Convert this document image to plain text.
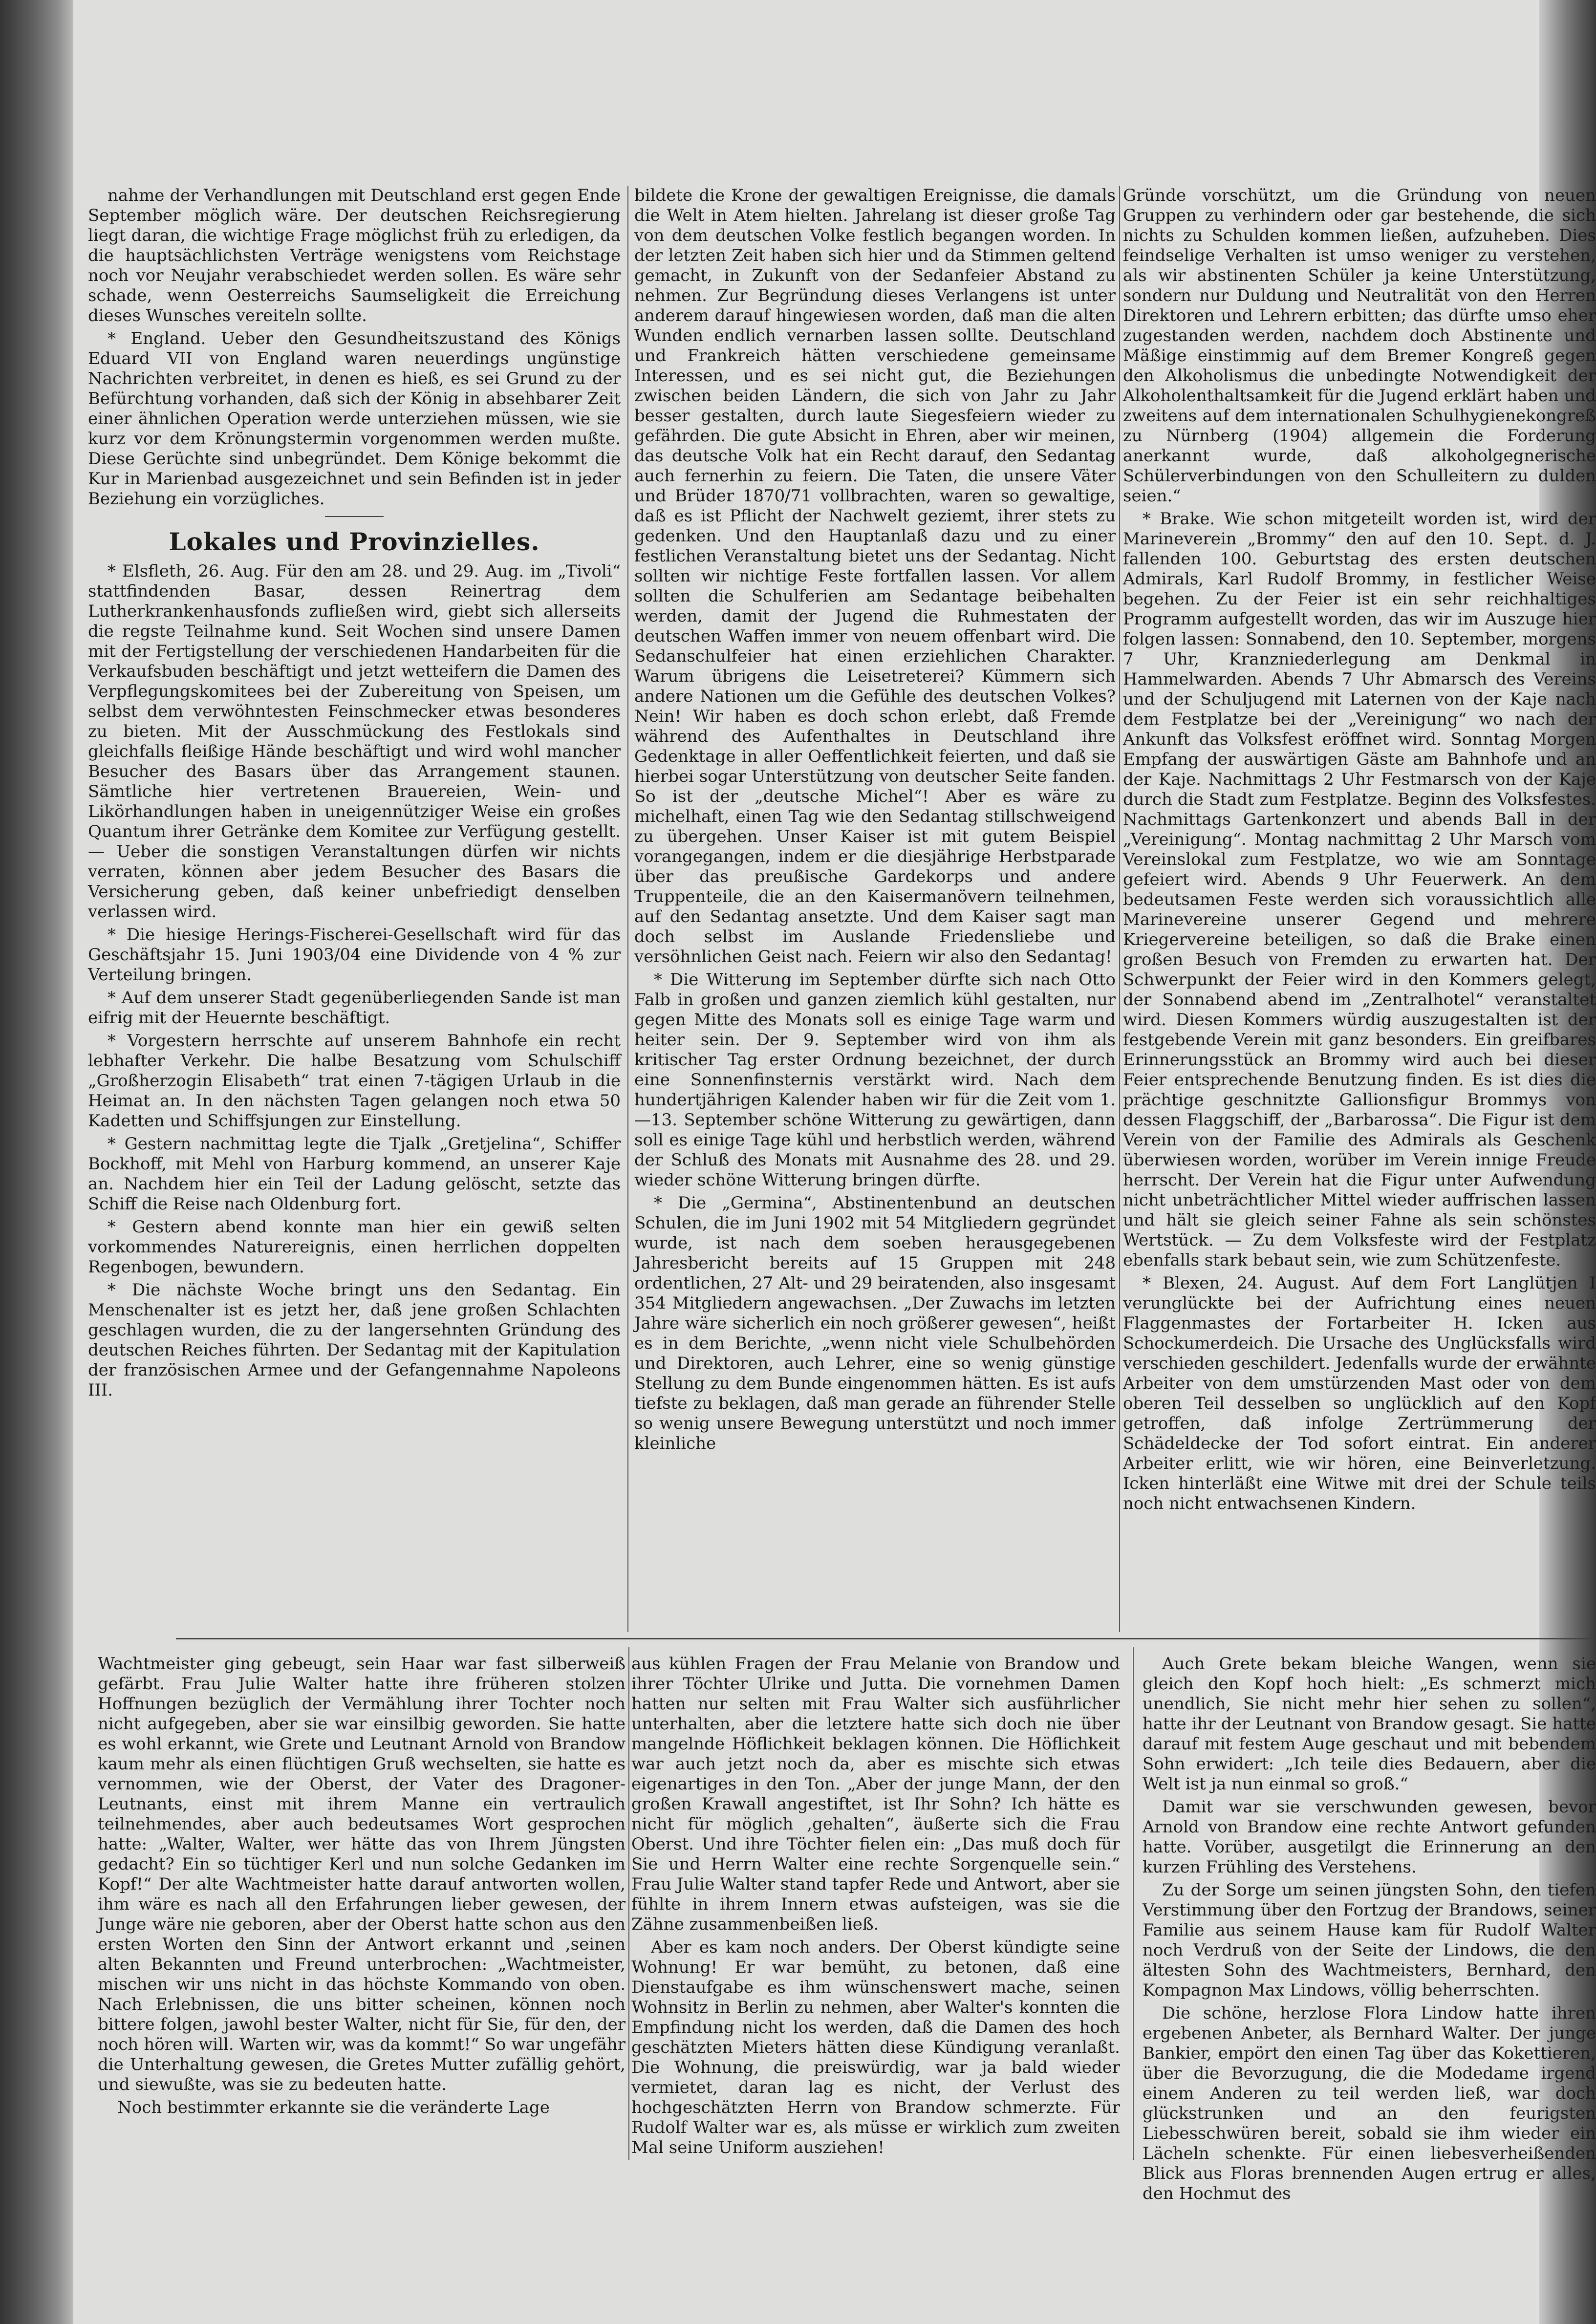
nahme der Verhandlungen mit Deutschland erst gegen Ende September möglich wäre. Der deutschen Reichsregierung liegt daran, die wichtige Frage möglichst früh zu erledigen, da die hauptsächlichsten Verträge wenigstens vom Reichstage noch vor Neujahr verabschiedet werden sollen. Es wäre sehr schade, wenn Oesterreichs Saumseligkeit die Erreichung dieses Wunsches vereiteln sollte.

* England. Ueber den Gesundheitszustand des Königs Eduard VII von England waren neuerdings ungünstige Nachrichten verbreitet, in denen es hieß, es sei Grund zu der Befürchtung vorhanden, daß sich der König in absehbarer Zeit einer ähnlichen Operation werde unterziehen müssen, wie sie kurz vor dem Krönungstermin vorgenommen werden mußte. Diese Gerüchte sind unbegründet. Dem Könige bekommt die Kur in Marienbad ausgezeichnet und sein Befinden ist in jeder Beziehung ein vorzügliches.

Lokales und Provinzielles.

* Elsfleth, 26. Aug. Für den am 28. und 29. Aug. im „Tivoli“ stattfindenden Basar, dessen Reinertrag dem Lutherkrankenhausfonds zufließen wird, giebt sich allerseits die regste Teilnahme kund. Seit Wochen sind unsere Damen mit der Fertigstellung der verschiedenen Handarbeiten für die Verkaufsbuden beschäftigt und jetzt wetteifern die Damen des Verpflegungskomitees bei der Zubereitung von Speisen, um selbst dem verwöhntesten Feinschmecker etwas besonderes zu bieten. Mit der Ausschmückung des Festlokals sind gleichfalls fleißige Hände beschäftigt und wird wohl mancher Besucher des Basars über das Arrangement staunen. Sämtliche hier vertretenen Brauereien, Wein- und Likörhandlungen haben in uneigennütziger Weise ein großes Quantum ihrer Getränke dem Komitee zur Verfügung gestellt. — Ueber die sonstigen Veranstaltungen dürfen wir nichts verraten, können aber jedem Besucher des Basars die Versicherung geben, daß keiner unbefriedigt denselben verlassen wird.

* Die hiesige Herings-Fischerei-Gesellschaft wird für das Geschäftsjahr 15. Juni 1903/04 eine Dividende von 4 % zur Verteilung bringen.

* Auf dem unserer Stadt gegenüberliegenden Sande ist man eifrig mit der Heuernte beschäftigt.

* Vorgestern herrschte auf unserem Bahnhofe ein recht lebhafter Verkehr. Die halbe Besatzung vom Schulschiff „Großherzogin Elisabeth“ trat einen 7-tägigen Urlaub in die Heimat an. In den nächsten Tagen gelangen noch etwa 50 Kadetten und Schiffsjungen zur Einstellung.

* Gestern nachmittag legte die Tjalk „Gretjelina“, Schiffer Bockhoff, mit Mehl von Harburg kommend, an unserer Kaje an. Nachdem hier ein Teil der Ladung gelöscht, setzte das Schiff die Reise nach Oldenburg fort.

* Gestern abend konnte man hier ein gewiß selten vorkommendes Naturereignis, einen herrlichen doppelten Regenbogen, bewundern.

* Die nächste Woche bringt uns den Sedantag. Ein Menschenalter ist es jetzt her, daß jene großen Schlachten geschlagen wurden, die zu der langersehnten Gründung des deutschen Reiches führten. Der Sedantag mit der Kapitulation der französischen Armee und der Gefangennahme Napoleons III.

bildete die Krone der gewaltigen Ereignisse, die damals die Welt in Atem hielten. Jahrelang ist dieser große Tag von dem deutschen Volke festlich begangen worden. In der letzten Zeit haben sich hier und da Stimmen geltend gemacht, in Zukunft von der Sedanfeier Abstand zu nehmen. Zur Begründung dieses Verlangens ist unter anderem darauf hingewiesen worden, daß man die alten Wunden endlich vernarben lassen sollte. Deutschland und Frankreich hätten verschiedene gemeinsame Interessen, und es sei nicht gut, die Beziehungen zwischen beiden Ländern, die sich von Jahr zu Jahr besser gestalten, durch laute Siegesfeiern wieder zu gefährden. Die gute Absicht in Ehren, aber wir meinen, das deutsche Volk hat ein Recht darauf, den Sedantag auch fernerhin zu feiern. Die Taten, die unsere Väter und Brüder 1870/71 vollbrachten, waren so gewaltige, daß es ist Pflicht der Nachwelt geziemt, ihrer stets zu gedenken. Und den Hauptanlaß dazu und zu einer festlichen Veranstaltung bietet uns der Sedantag. Nicht sollten wir nichtige Feste fortfallen lassen. Vor allem sollten die Schulferien am Sedantage beibehalten werden, damit der Jugend die Ruhmestaten der deutschen Waffen immer von neuem offenbart wird. Die Sedanschulfeier hat einen erziehlichen Charakter. Warum übrigens die Leisetreterei? Kümmern sich andere Nationen um die Gefühle des deutschen Volkes? Nein! Wir haben es doch schon erlebt, daß Fremde während des Aufenthaltes in Deutschland ihre Gedenktage in aller Oeffentlichkeit feierten, und daß sie hierbei sogar Unterstützung von deutscher Seite fanden. So ist der „deutsche Michel“! Aber es wäre zu michelhaft, einen Tag wie den Sedantag stillschweigend zu übergehen. Unser Kaiser ist mit gutem Beispiel vorangegangen, indem er die diesjährige Herbstparade über das preußische Gardekorps und andere Truppenteile, die an den Kaisermanövern teilnehmen, auf den Sedantag ansetzte. Und dem Kaiser sagt man doch selbst im Auslande Friedensliebe und versöhnlichen Geist nach. Feiern wir also den Sedantag!

* Die Witterung im September dürfte sich nach Otto Falb in großen und ganzen ziemlich kühl gestalten, nur gegen Mitte des Monats soll es einige Tage warm und heiter sein. Der 9. September wird von ihm als kritischer Tag erster Ordnung bezeichnet, der durch eine Sonnenfinsternis verstärkt wird. Nach dem hundertjährigen Kalender haben wir für die Zeit vom 1.—13. September schöne Witterung zu gewärtigen, dann soll es einige Tage kühl und herbstlich werden, während der Schluß des Monats mit Ausnahme des 28. und 29. wieder schöne Witterung bringen dürfte.

* Die „Germina“, Abstinentenbund an deutschen Schulen, die im Juni 1902 mit 54 Mitgliedern gegründet wurde, ist nach dem soeben herausgegebenen Jahresbericht bereits auf 15 Gruppen mit 248 ordentlichen, 27 Alt- und 29 beiratenden, also insgesamt 354 Mitgliedern angewachsen. „Der Zuwachs im letzten Jahre wäre sicherlich ein noch größerer gewesen“, heißt es in dem Berichte, „wenn nicht viele Schulbehörden und Direktoren, auch Lehrer, eine so wenig günstige Stellung zu dem Bunde eingenommen hätten. Es ist aufs tiefste zu beklagen, daß man gerade an führender Stelle so wenig unsere Bewegung unterstützt und noch immer kleinliche

Gründe vorschützt, um die Gründung von neuen Gruppen zu verhindern oder gar bestehende, die sich nichts zu Schulden kommen ließen, aufzuheben. Dies feindselige Verhalten ist umso weniger zu verstehen, als wir abstinenten Schüler ja keine Unterstützung, sondern nur Duldung und Neutralität von den Herren Direktoren und Lehrern erbitten; das dürfte umso eher zugestanden werden, nachdem doch Abstinente und Mäßige einstimmig auf dem Bremer Kongreß gegen den Alkoholismus die unbedingte Notwendigkeit der Alkoholenthaltsamkeit für die Jugend erklärt haben und zweitens auf dem internationalen Schulhygienekongreß zu Nürnberg (1904) allgemein die Forderung anerkannt wurde, daß alkoholgegnerische Schülerverbindungen von den Schulleitern zu dulden seien.“

* Brake. Wie schon mitgeteilt worden ist, wird der Marineverein „Brommy“ den auf den 10. Sept. d. J. fallenden 100. Geburtstag des ersten deutschen Admirals, Karl Rudolf Brommy, in festlicher Weise begehen. Zu der Feier ist ein sehr reichhaltiges Programm aufgestellt worden, das wir im Auszuge hier folgen lassen: Sonnabend, den 10. September, morgens 7 Uhr, Kranzniederlegung am Denkmal in Hammelwarden. Abends 7 Uhr Abmarsch des Vereins und der Schuljugend mit Laternen von der Kaje nach dem Festplatze bei der „Vereinigung“ wo nach der Ankunft das Volksfest eröffnet wird. Sonntag Morgen Empfang der auswärtigen Gäste am Bahnhofe und an der Kaje. Nachmittags 2 Uhr Festmarsch von der Kaje durch die Stadt zum Festplatze. Beginn des Volksfestes. Nachmittags Gartenkonzert und abends Ball in der „Vereinigung“. Montag nachmittag 2 Uhr Marsch vom Vereinslokal zum Festplatze, wo wie am Sonntage gefeiert wird. Abends 9 Uhr Feuerwerk. An dem bedeutsamen Feste werden sich voraussichtlich alle Marinevereine unserer Gegend und mehrere Kriegervereine beteiligen, so daß die Brake einen großen Besuch von Fremden zu erwarten hat. Der Schwerpunkt der Feier wird in den Kommers gelegt, der Sonnabend abend im „Zentralhotel“ veranstaltet wird. Diesen Kommers würdig auszugestalten ist der festgebende Verein mit ganz besonders. Ein greifbares Erinnerungsstück an Brommy wird auch bei dieser Feier entsprechende Benutzung finden. Es ist dies die prächtige geschnitzte Gallionsfigur Brommys von dessen Flaggschiff, der „Barbarossa“. Die Figur ist dem Verein von der Familie des Admirals als Geschenk überwiesen worden, worüber im Verein innige Freude herrscht. Der Verein hat die Figur unter Aufwendung nicht unbeträchtlicher Mittel wieder auffrischen lassen und hält sie gleich seiner Fahne als sein schönstes Wertstück. — Zu dem Volksfeste wird der Festplatz ebenfalls stark bebaut sein, wie zum Schützenfeste.

* Blexen, 24. August. Auf dem Fort Langlütjen I verunglückte bei der Aufrichtung eines neuen Flaggenmastes der Fortarbeiter H. Icken aus Schockumerdeich. Die Ursache des Unglücksfalls wird verschieden geschildert. Jedenfalls wurde der erwähnte Arbeiter von dem umstürzenden Mast oder von dem oberen Teil desselben so unglücklich auf den Kopf getroffen, daß infolge Zertrümmerung der Schädeldecke der Tod sofort eintrat. Ein anderer Arbeiter erlitt, wie wir hören, eine Beinverletzung. Icken hinterläßt eine Witwe mit drei der Schule teils noch nicht entwachsenen Kindern.

Wachtmeister ging gebeugt, sein Haar war fast silberweiß gefärbt. Frau Julie Walter hatte ihre früheren stolzen Hoffnungen bezüglich der Vermählung ihrer Tochter noch nicht aufgegeben, aber sie war einsilbig geworden. Sie hatte es wohl erkannt, wie Grete und Leutnant Arnold von Brandow kaum mehr als einen flüchtigen Gruß wechselten, sie hatte es vernommen, wie der Oberst, der Vater des Dragoner-Leutnants, einst mit ihrem Manne ein vertraulich teilnehmendes, aber auch bedeutsames Wort gesprochen hatte: „Walter, Walter, wer hätte das von Ihrem Jüngsten gedacht? Ein so tüchtiger Kerl und nun solche Gedanken im Kopf!“ Der alte Wachtmeister hatte darauf antworten wollen, ihm wäre es nach all den Erfahrungen lieber gewesen, der Junge wäre nie geboren, aber der Oberst hatte schon aus den ersten Worten den Sinn der Antwort erkannt und ,seinen alten Bekannten und Freund unterbrochen: „Wachtmeister, mischen wir uns nicht in das höchste Kommando von oben. Nach Erlebnissen, die uns bitter scheinen, können noch bittere folgen, jawohl bester Walter, nicht für Sie, für den, der noch hören will. Warten wir, was da kommt!“ So war ungefähr die Unterhaltung gewesen, die Gretes Mutter zufällig gehört, und siewußte, was sie zu bedeuten hatte.

Noch bestimmter erkannte sie die veränderte Lage

aus kühlen Fragen der Frau Melanie von Brandow und ihrer Töchter Ulrike und Jutta. Die vornehmen Damen hatten nur selten mit Frau Walter sich ausführlicher unterhalten, aber die letztere hatte sich doch nie über mangelnde Höflichkeit beklagen können. Die Höflichkeit war auch jetzt noch da, aber es mischte sich etwas eigenartiges in den Ton. „Aber der junge Mann, der den großen Krawall angestiftet, ist Ihr Sohn? Ich hätte es nicht für möglich ,gehalten“, äußerte sich die Frau Oberst. Und ihre Töchter fielen ein: „Das muß doch für Sie und Herrn Walter eine rechte Sorgenquelle sein.“ Frau Julie Walter stand tapfer Rede und Antwort, aber sie fühlte in ihrem Innern etwas aufsteigen, was sie die Zähne zusammenbeißen ließ.

Aber es kam noch anders. Der Oberst kündigte seine Wohnung! Er war bemüht, zu betonen, daß eine Dienstaufgabe es ihm wünschenswert mache, seinen Wohnsitz in Berlin zu nehmen, aber Walter's konnten die Empfindung nicht los werden, daß die Damen des hoch geschätzten Mieters hätten diese Kündigung veranlaßt. Die Wohnung, die preiswürdig, war ja bald wieder vermietet, daran lag es nicht, der Verlust des hochgeschätzten Herrn von Brandow schmerzte. Für Rudolf Walter war es, als müsse er wirklich zum zweiten Mal seine Uniform ausziehen!

Auch Grete bekam bleiche Wangen, wenn sie gleich den Kopf hoch hielt: „Es schmerzt mich unendlich, Sie nicht mehr hier sehen zu sollen“, hatte ihr der Leutnant von Brandow gesagt. Sie hatte darauf mit festem Auge geschaut und mit bebendem Sohn erwidert: „Ich teile dies Bedauern, aber die Welt ist ja nun einmal so groß.“

Damit war sie verschwunden gewesen, bevor Arnold von Brandow eine rechte Antwort gefunden hatte. Vorüber, ausgetilgt die Erinnerung an den kurzen Frühling des Verstehens.

Zu der Sorge um seinen jüngsten Sohn, den tiefen Verstimmung über den Fortzug der Brandows, seiner Familie aus seinem Hause kam für Rudolf Walter noch Verdruß von der Seite der Lindows, die den ältesten Sohn des Wachtmeisters, Bernhard, den Kompagnon Max Lindows, völlig beherrschten.

Die schöne, herzlose Flora Lindow hatte ihren ergebenen Anbeter, als Bernhard Walter. Der junge Bankier, empört den einen Tag über das Kokettieren, über die Bevorzugung, die die Modedame irgend einem Anderen zu teil werden ließ, war doch glückstrunken und an den feurigsten Liebesschwüren bereit, sobald sie ihm wieder ein Lächeln schenkte. Für einen liebesverheißenden Blick aus Floras brennenden Augen ertrug er alles, den Hochmut des
